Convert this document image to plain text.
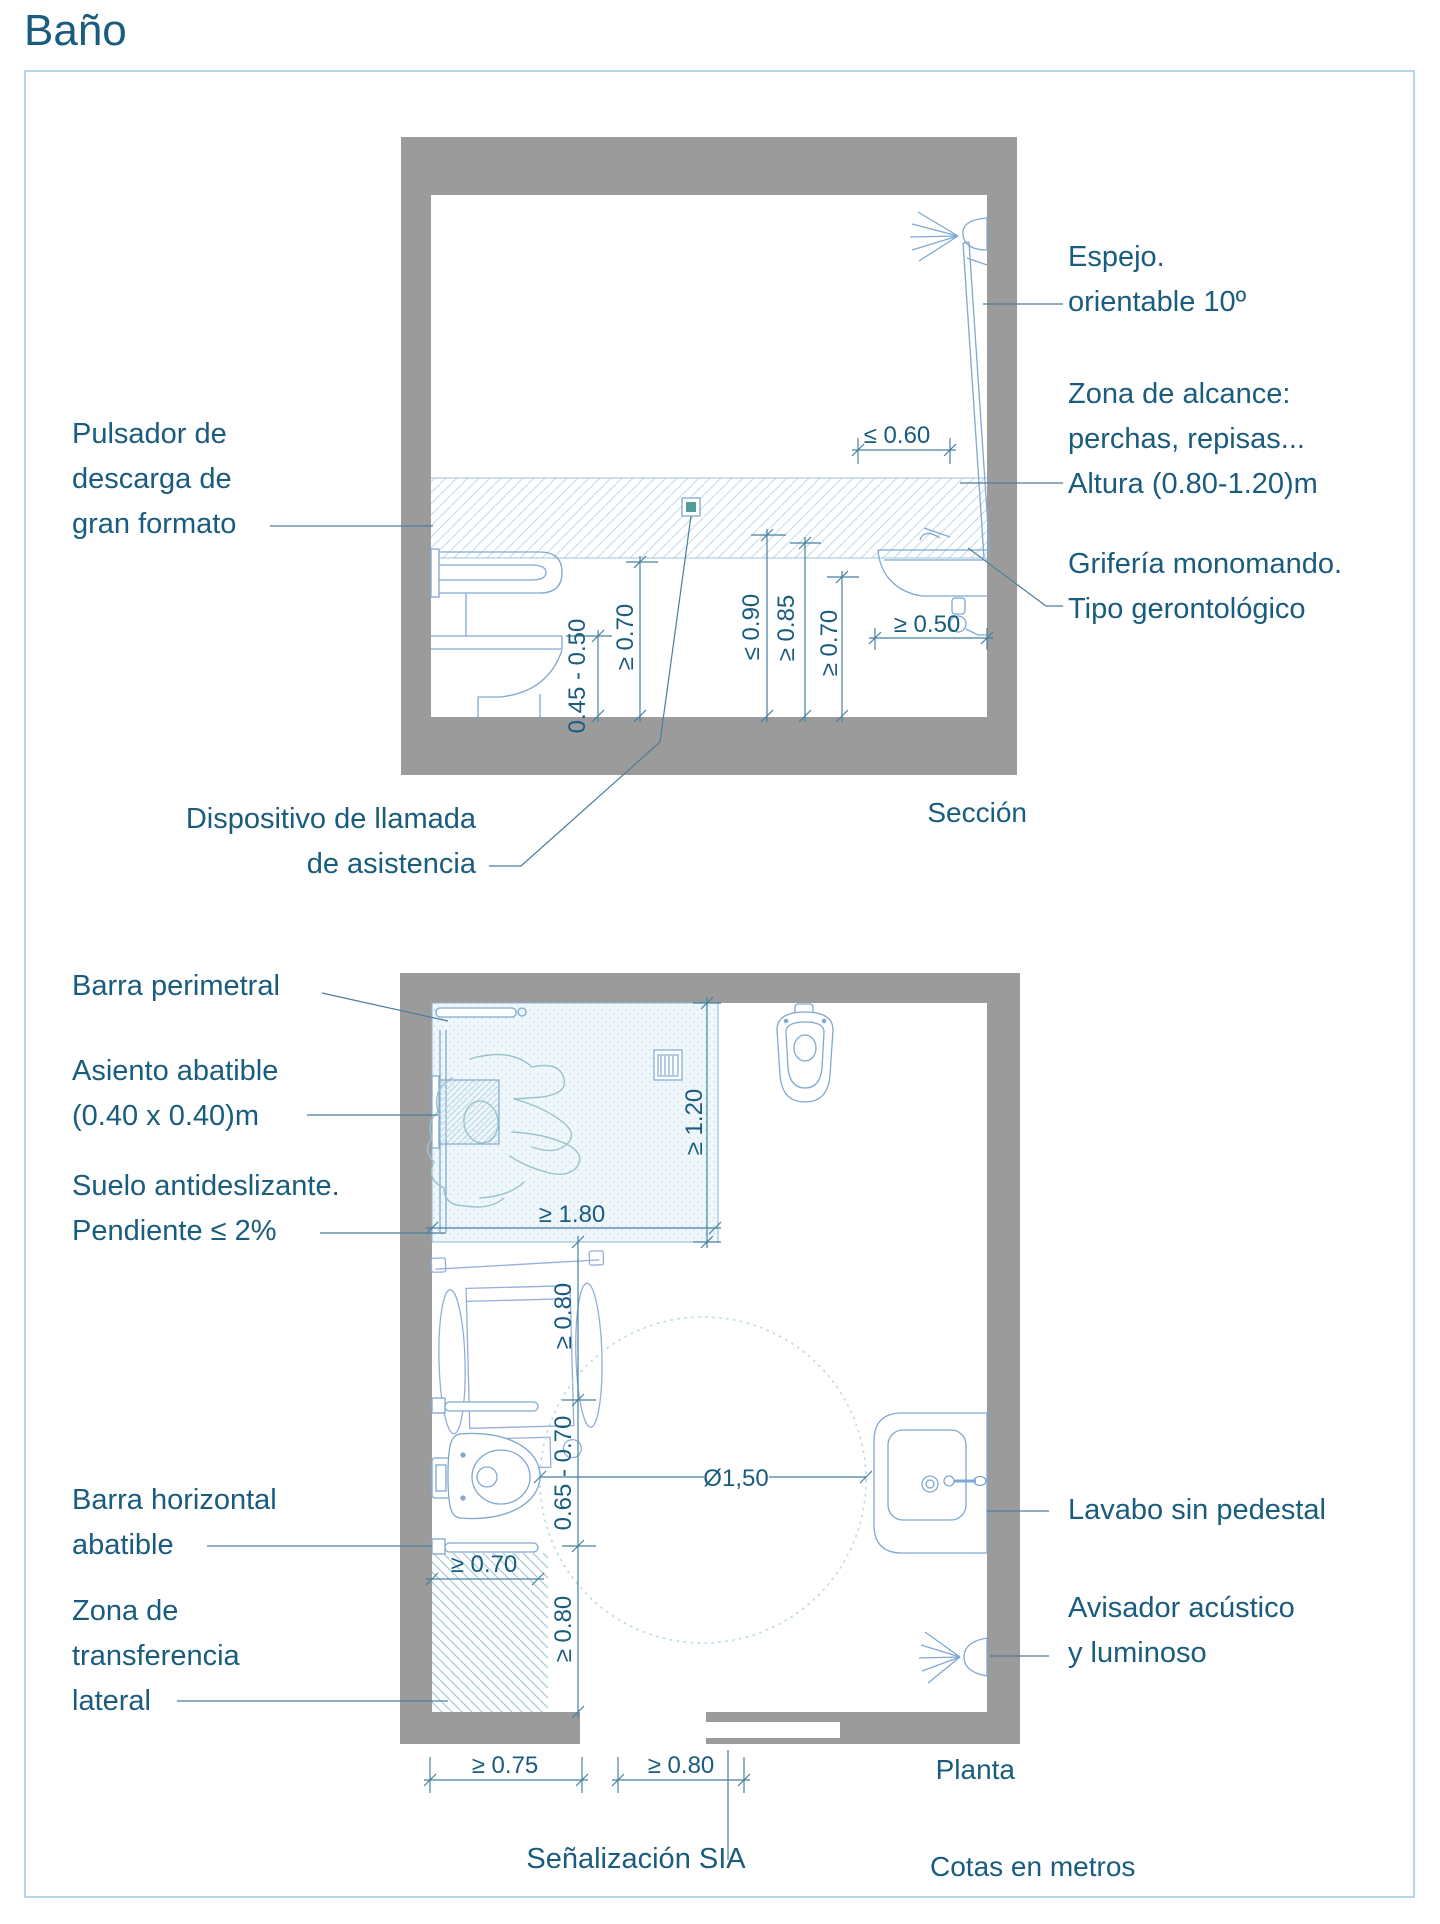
Baño
0.45 - 0.50 ≥ 0.70	≤ 0.90 ≥ 0.85 ≥ 0.70
≤ 0.60
≥ 0.50
≥ 1.20
≥ 1.80
≥ 0.80
0.65 - 0.70
≥ 0.80
≥ 0.70
Ø1,50
≥ 0.75	≥ 0.80
Pulsador de
descarga de
gran formato
Dispositivo de llamada
de asistencia
Espejo.
orientable 10º
Zona de alcance:
perchas, repisas...
Altura (0.80-1.20)m
Grifería monomando.
Tipo gerontológico
Sección
Barra perimetral
Asiento abatible
(0.40 x 0.40)m
Suelo antideslizante.
Pendiente ≤ 2%
Barra horizontal
abatible
Zona de
transferencia
lateral
Lavabo sin pedestal
Avisador acústico
y luminoso
Señalización SIA
Planta
Cotas en metros
